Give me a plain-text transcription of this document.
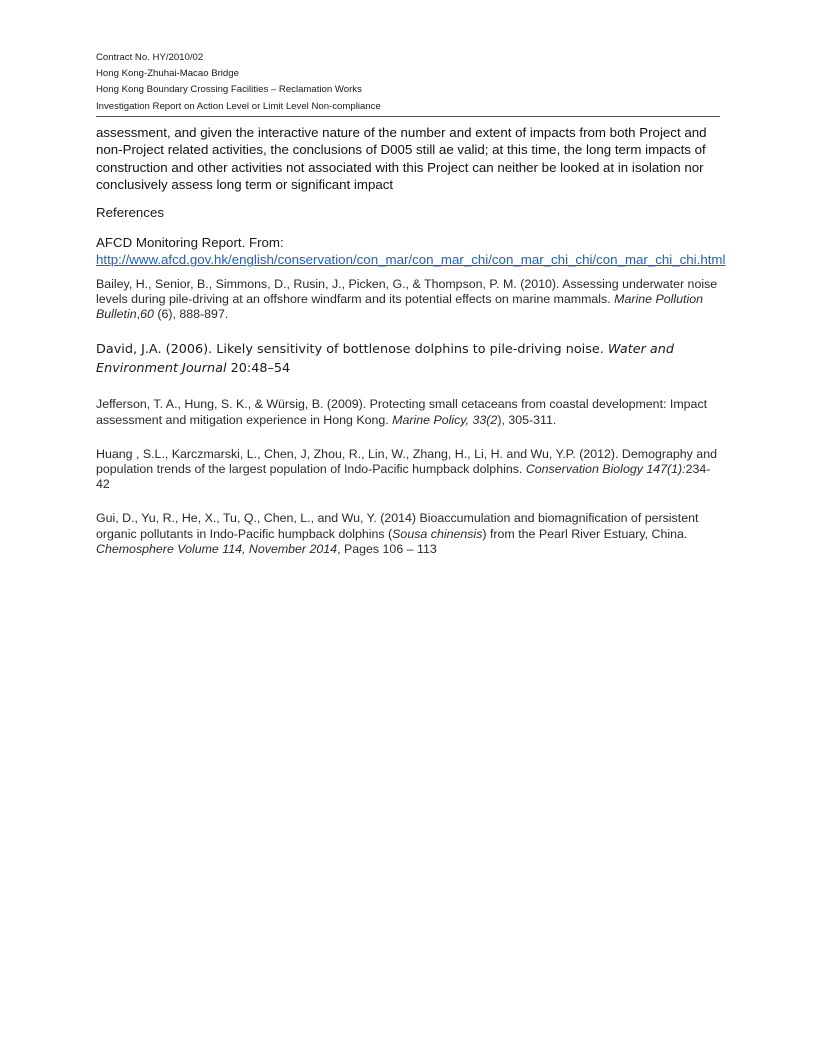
Contract No. HY/2010/02
Hong Kong-Zhuhai-Macao Bridge
Hong Kong Boundary Crossing Facilities – Reclamation Works
Investigation Report on Action Level or Limit Level Non-compliance

assessment, and given the interactive nature of the number and extent of impacts from both Project and non-Project related activities, the conclusions of D005 still ae valid; at this time, the long term impacts of construction and other activities not associated with this Project can neither be looked at in isolation nor conclusively assess long term or significant impact

References

AFCD Monitoring Report. From:
http://www.afcd.gov.hk/english/conservation/con_mar/con_mar_chi/con_mar_chi_chi/con_mar_chi_chi.html

Bailey, H., Senior, B., Simmons, D., Rusin, J., Picken, G., & Thompson, P. M. (2010). Assessing underwater noise levels during pile-driving at an offshore windfarm and its potential effects on marine mammals. Marine Pollution Bulletin,60 (6), 888-897.

David, J.A. (2006). Likely sensitivity of bottlenose dolphins to pile-driving noise. Water and Environment Journal 20:48–54

Jefferson, T. A., Hung, S. K., & Würsig, B. (2009). Protecting small cetaceans from coastal development: Impact assessment and mitigation experience in Hong Kong. Marine Policy, 33(2), 305-311.

Huang , S.L., Karczmarski, L., Chen, J, Zhou, R., Lin, W., Zhang, H., Li, H. and Wu, Y.P. (2012). Demography and population trends of the largest population of Indo-Pacific humpback dolphins. Conservation Biology 147(1):234-42

Gui, D., Yu, R., He, X., Tu, Q., Chen, L., and Wu, Y. (2014) Bioaccumulation and biomagnification of persistent organic pollutants in Indo-Pacific humpback dolphins (Sousa chinensis) from the Pearl River Estuary, China. Chemosphere Volume 114, November 2014, Pages 106 – 113
